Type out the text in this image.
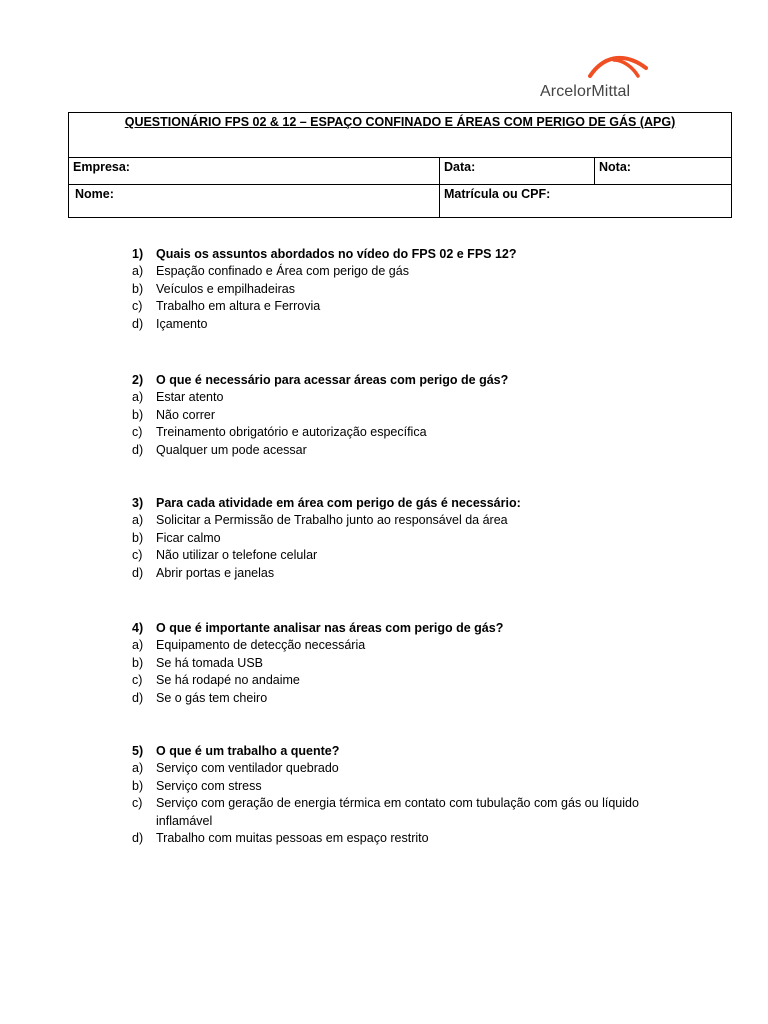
ArcelorMittal
QUESTIONÁRIO FPS 02 & 12 – ESPAÇO CONFINADO E ÁREAS COM PERIGO DE GÁS (APG)		
Empresa:	Data:	Nota:
Nome:	Matrícula ou CPF:	
1)	Quais os assuntos abordados no vídeo do FPS 02 e FPS 12?
a)	Espação confinado e Área com perigo de gás
b)	Veículos e empilhadeiras
c)	Trabalho em altura e Ferrovia
d)	Içamento
2)	O que é necessário para acessar áreas com perigo de gás?
a)	Estar atento
b)	Não correr
c)	Treinamento obrigatório e autorização específica
d)	Qualquer um pode acessar
3)	Para cada atividade em área com perigo de gás é necessário:
a)	Solicitar a Permissão de Trabalho junto ao responsável da área
b)	Ficar calmo
c)	Não utilizar o telefone celular
d)	Abrir portas e janelas
4)	O que é importante analisar nas áreas com perigo de gás?
a)	Equipamento de detecção necessária
b)	Se há tomada USB
c)	Se há rodapé no andaime
d)	Se o gás tem cheiro
5)	O que é um trabalho a quente?
a)	Serviço com ventilador quebrado
b)	Serviço com stress
c)	Serviço com geração de energia térmica em contato com tubulação com gás ou líquido inflamável
d)	Trabalho com muitas pessoas em espaço restrito
